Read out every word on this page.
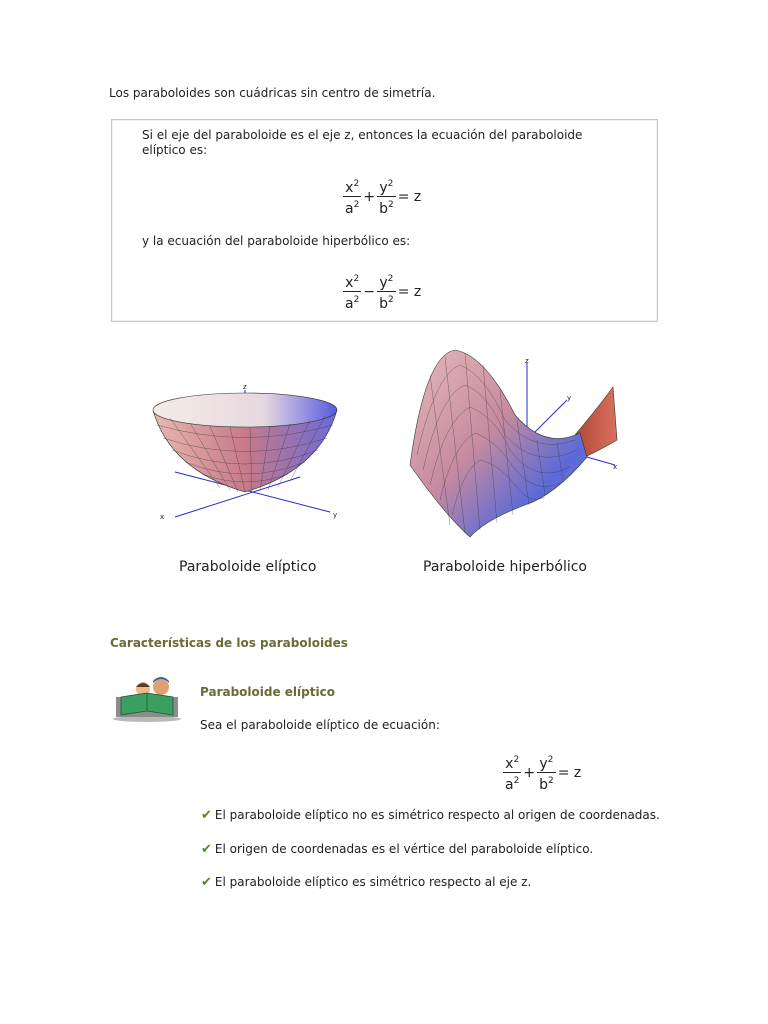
Los paraboloides son cuádricas sin centro de simetría.
Si el eje del paraboloide es el eje z, entonces la ecuación del paraboloide
elíptico es:
$\frac{x^2}{a^2} + \frac{y^2}{b^2} = z$
y la ecuación del paraboloide hiperbólico es:
$\frac{x^2}{a^2} - \frac{y^2}{b^2} = z$
z
x	y
Paraboloide elíptico
z
y
x
Paraboloide hiperbólico
Características de los paraboloides
Paraboloide elíptico
Sea el paraboloide elíptico de ecuación:
$\frac{x^2}{a^2} + \frac{y^2}{b^2} = z$
✔ El paraboloide elíptico no es simétrico respecto al origen de coordenadas.
✔ El origen de coordenadas es el vértice del paraboloide elíptico.
✔ El paraboloide elíptico es simétrico respecto al eje z.
